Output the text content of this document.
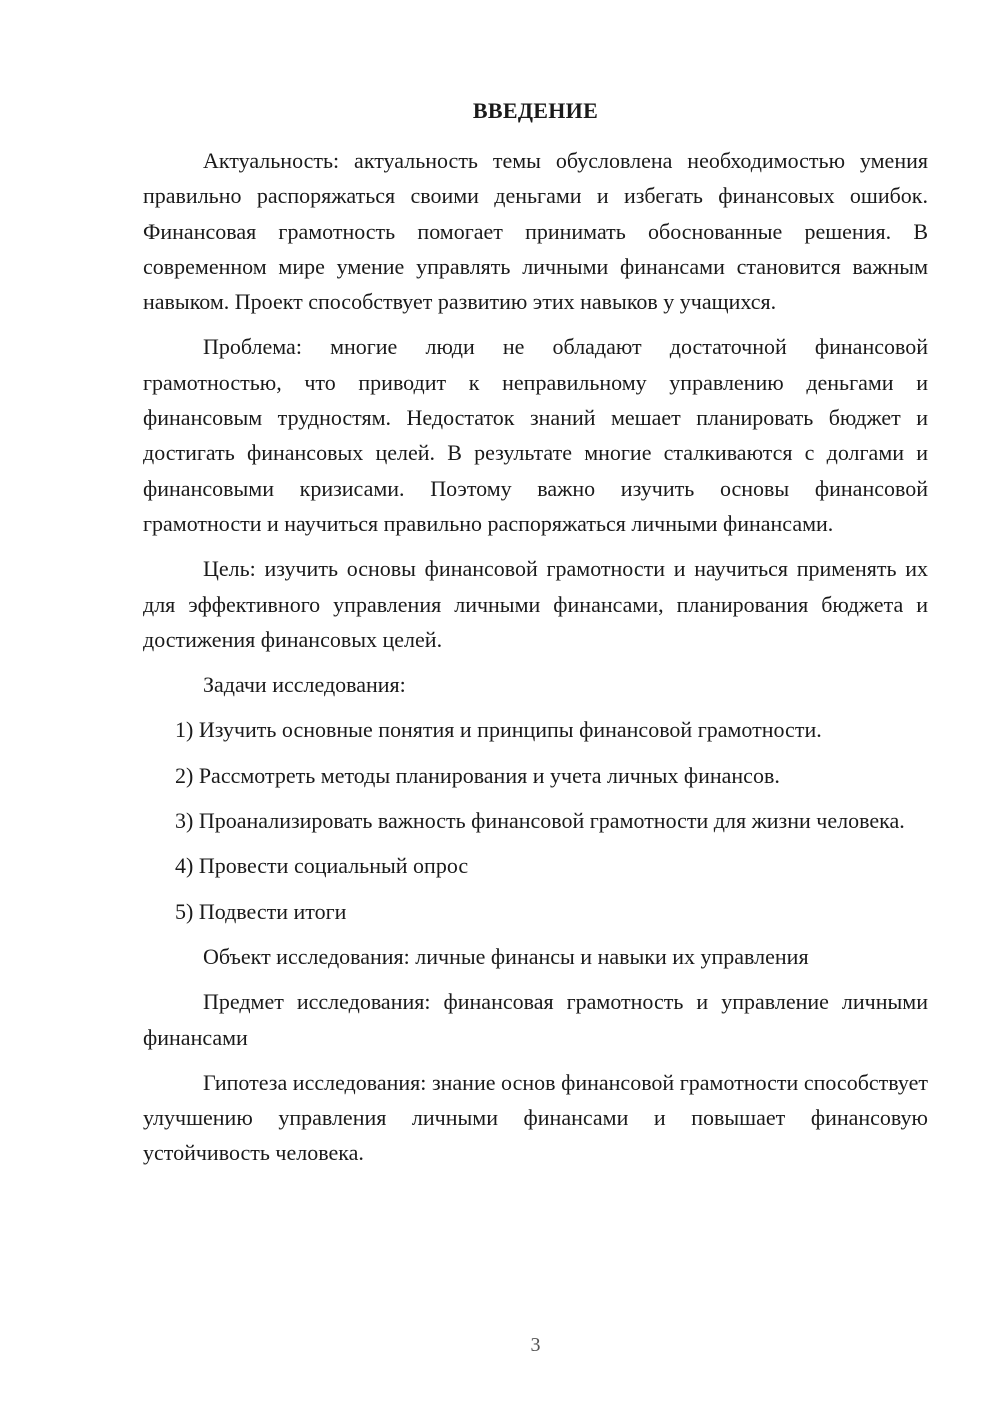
ВВЕДЕНИЕ

Актуальность: актуальность темы обусловлена необходимостью умения правильно распоряжаться своими деньгами и избегать финансовых ошибок. Финансовая грамотность помогает принимать обоснованные решения. В современном мире умение управлять личными финансами становится важным навыком. Проект способствует развитию этих навыков у учащихся.

Проблема: многие люди не обладают достаточной финансовой грамотностью, что приводит к неправильному управлению деньгами и финансовым трудностям. Недостаток знаний мешает планировать бюджет и достигать финансовых целей. В результате многие сталкиваются с долгами и финансовыми кризисами. Поэтому важно изучить основы финансовой грамотности и научиться правильно распоряжаться личными финансами.

Цель: изучить основы финансовой грамотности и научиться применять их для эффективного управления личными финансами, планирования бюджета и достижения финансовых целей.

Задачи исследования:

1) Изучить основные понятия и принципы финансовой грамотности.

2) Рассмотреть методы планирования и учета личных финансов.

3) Проанализировать важность финансовой грамотности для жизни человека.

4) Провести социальный опрос

5) Подвести итоги

Объект исследования: личные финансы и навыки их управления

Предмет исследования: финансовая грамотность и управление личными финансами

Гипотеза исследования: знание основ финансовой грамотности способствует улучшению управления личными финансами и повышает финансовую устойчивость человека.

3
